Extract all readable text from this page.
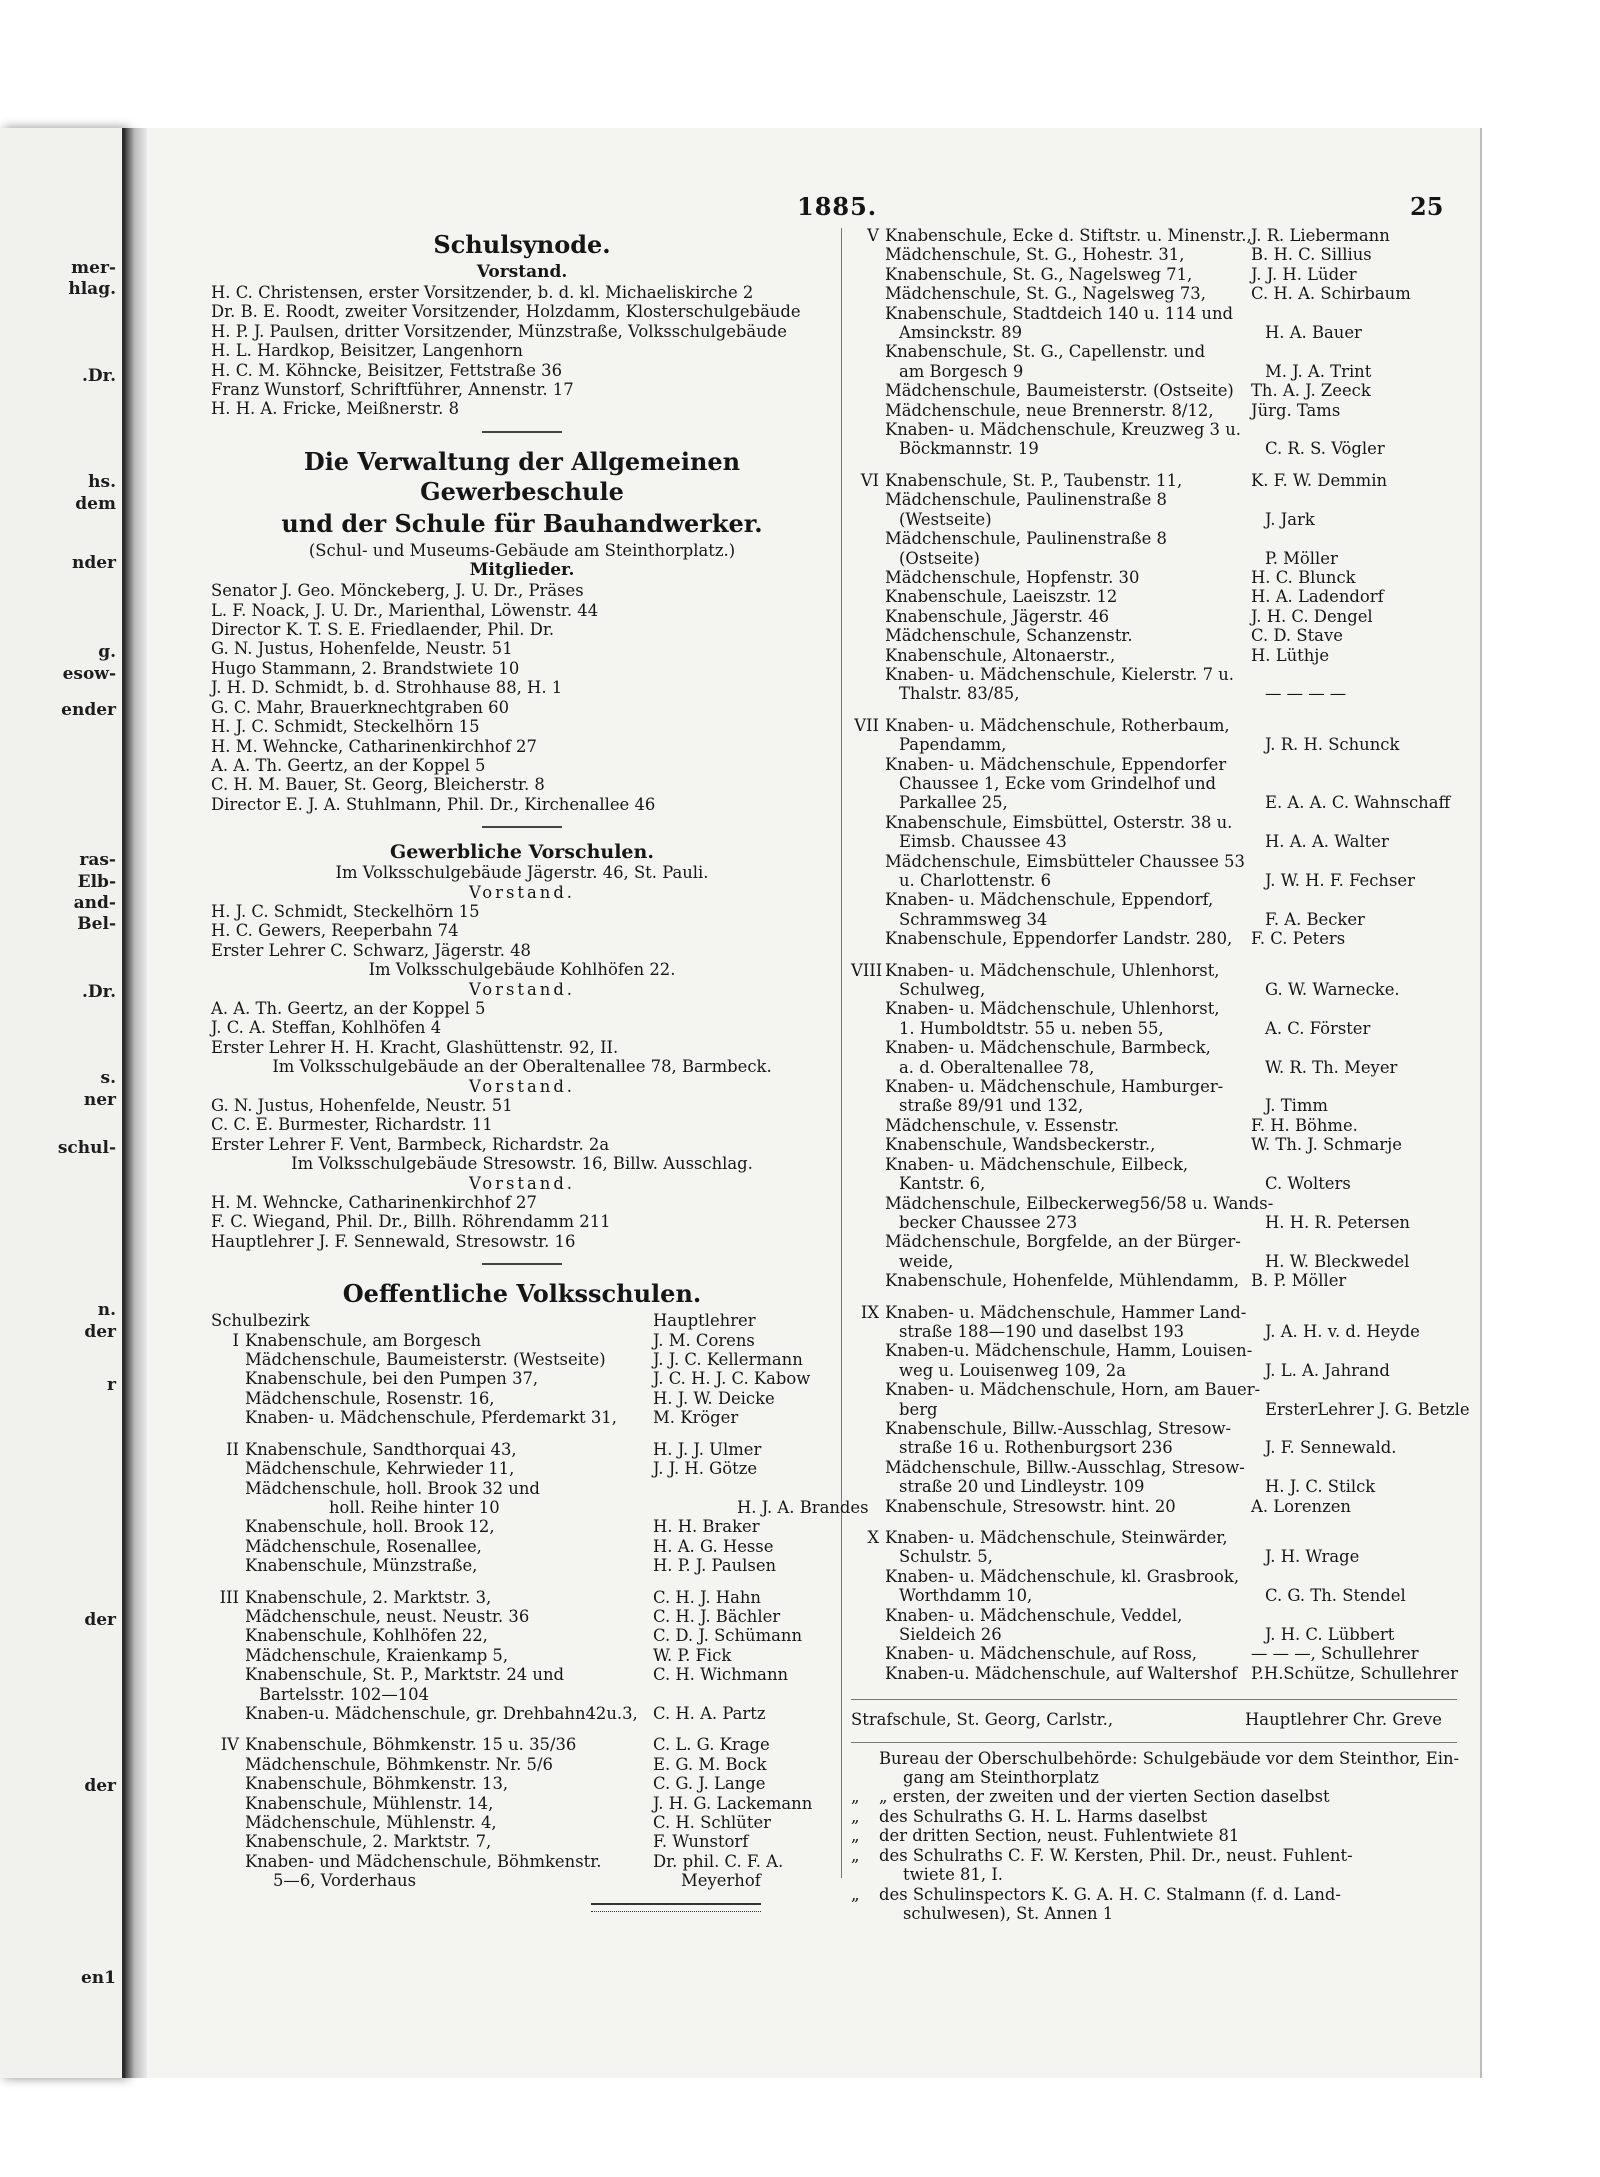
mer-
hlag.
.Dr.
hs.
dem
nder
g.
esow-
ender
ras-
Elb-
and-
Bel-
.Dr.
s.
ner
schul-
n.
der
r
der
der
en1
1885.	25
Schulsynode.
Vorstand.
H. C. Christensen, erster Vorsitzender, b. d. kl. Michaeliskirche 2
Dr. B. E. Roodt, zweiter Vorsitzender, Holzdamm, Klosterschulgebäude
H. P. J. Paulsen, dritter Vorsitzender, Münzstraße, Volksschulgebäude
H. L. Hardkop, Beisitzer, Langenhorn
H. C. M. Köhncke, Beisitzer, Fettstraße 36
Franz Wunstorf, Schriftführer, Annenstr. 17
H. H. A. Fricke, Meißnerstr. 8
Die Verwaltung der Allgemeinen Gewerbeschule
und der Schule für Bauhandwerker.
(Schul- und Museums-Gebäude am Steinthorplatz.)
Mitglieder.
Senator J. Geo. Mönckeberg, J. U. Dr., Präses
L. F. Noack, J. U. Dr., Marienthal, Löwenstr. 44
Director K. T. S. E. Friedlaender, Phil. Dr.
G. N. Justus, Hohenfelde, Neustr. 51
Hugo Stammann, 2. Brandstwiete 10
J. H. D. Schmidt, b. d. Strohhause 88, H. 1
G. C. Mahr, Brauerknechtgraben 60
H. J. C. Schmidt, Steckelhörn 15
H. M. Wehncke, Catharinenkirchhof 27
A. A. Th. Geertz, an der Koppel 5
C. H. M. Bauer, St. Georg, Bleicherstr. 8
Director E. J. A. Stuhlmann, Phil. Dr., Kirchenallee 46
Gewerbliche Vorschulen.
Im Volksschulgebäude Jägerstr. 46, St. Pauli.
Vorstand.
H. J. C. Schmidt, Steckelhörn 15
H. C. Gewers, Reeperbahn 74
Erster Lehrer C. Schwarz, Jägerstr. 48
Im Volksschulgebäude Kohlhöfen 22.
Vorstand.
A. A. Th. Geertz, an der Koppel 5
J. C. A. Steffan, Kohlhöfen 4
Erster Lehrer H. H. Kracht, Glashüttenstr. 92, II.
Im Volksschulgebäude an der Oberaltenallee 78, Barmbeck.
Vorstand.
G. N. Justus, Hohenfelde, Neustr. 51
C. C. E. Burmester, Richardstr. 11
Erster Lehrer F. Vent, Barmbeck, Richardstr. 2a
Im Volksschulgebäude Stresowstr. 16, Billw. Ausschlag.
Vorstand.
H. M. Wehncke, Catharinenkirchhof 27
F. C. Wiegand, Phil. Dr., Billh. Röhrendamm 211
Hauptlehrer J. F. Sennewald, Stresowstr. 16
Oeffentliche Volksschulen.
Schulbezirk	Hauptlehrer
I Knabenschule, am Borgesch	J. M. Corens
Mädchenschule, Baumeisterstr. (Westseite)	J. J. C. Kellermann
Knabenschule, bei den Pumpen 37,	J. C. H. J. C. Kabow
Mädchenschule, Rosenstr. 16,	H. J. W. Deicke
Knaben- u. Mädchenschule, Pferdemarkt 31,	M. Kröger
II Knabenschule, Sandthorquai 43,	H. J. J. Ulmer
Mädchenschule, Kehrwieder 11,	J. J. H. Götze
Mädchenschule, holl. Brook 32 und
holl. Reihe hinter 10	H. J. A. Brandes
Knabenschule, holl. Brook 12,	H. H. Braker
Mädchenschule, Rosenallee,	H. A. G. Hesse
Knabenschule, Münzstraße,	H. P. J. Paulsen
III Knabenschule, 2. Marktstr. 3,	C. H. J. Hahn
Mädchenschule, neust. Neustr. 36	C. H. J. Bächler
Knabenschule, Kohlhöfen 22,	C. D. J. Schümann
Mädchenschule, Kraienkamp 5,	W. P. Fick
Knabenschule, St. P., Marktstr. 24 und	C. H. Wichmann
Bartelsstr. 102—104
Knaben-u. Mädchenschule, gr. Drehbahn42u.3, C. H. A. Partz
IV Knabenschule, Böhmkenstr. 15 u. 35/36	C. L. G. Krage
Mädchenschule, Böhmkenstr. Nr. 5/6	E. G. M. Bock
Knabenschule, Böhmkenstr. 13,	C. G. J. Lange
Knabenschule, Mühlenstr. 14,	J. H. G. Lackemann
Mädchenschule, Mühlenstr. 4,	C. H. Schlüter
Knabenschule, 2. Marktstr. 7,	F. Wunstorf
Knaben- und Mädchenschule, Böhmkenstr.	Dr. phil. C. F. A.
5—6, Vorderhaus	Meyerhof
V Knabenschule, Ecke d. Stiftstr. u. Minenstr., J. R. Liebermann
Mädchenschule, St. G., Hohestr. 31,	B. H. C. Sillius
Knabenschule, St. G., Nagelsweg 71,	J. J. H. Lüder
Mädchenschule, St. G., Nagelsweg 73,	C. H. A. Schirbaum
Knabenschule, Stadtdeich 140 u. 114 und
Amsinckstr. 89	H. A. Bauer
Knabenschule, St. G., Capellenstr. und
am Borgesch 9	M. J. A. Trint
Mädchenschule, Baumeisterstr. (Ostseite)	Th. A. J. Zeeck
Mädchenschule, neue Brennerstr. 8/12,	Jürg. Tams
Knaben- u. Mädchenschule, Kreuzweg 3 u.
Böckmannstr. 19	C. R. S. Vögler
VI Knabenschule, St. P., Taubenstr. 11,	K. F. W. Demmin
Mädchenschule, Paulinenstraße 8
(Westseite)	J. Jark
Mädchenschule, Paulinenstraße 8
(Ostseite)	P. Möller
Mädchenschule, Hopfenstr. 30	H. C. Blunck
Knabenschule, Laeiszstr. 12	H. A. Ladendorf
Knabenschule, Jägerstr. 46	J. H. C. Dengel
Mädchenschule, Schanzenstr.	C. D. Stave
Knabenschule, Altonaerstr.,	H. Lüthje
Knaben- u. Mädchenschule, Kielerstr. 7 u.
Thalstr. 83/85,	— — — —
VII Knaben- u. Mädchenschule, Rotherbaum,
Papendamm,	J. R. H. Schunck
Knaben- u. Mädchenschule, Eppendorfer
Chaussee 1, Ecke vom Grindelhof und
Parkallee 25,	E. A. A. C. Wahnschaff
Knabenschule, Eimsbüttel, Osterstr. 38 u.
Eimsb. Chaussee 43	H. A. A. Walter
Mädchenschule, Eimsbütteler Chaussee 53
u. Charlottenstr. 6	J. W. H. F. Fechser
Knaben- u. Mädchenschule, Eppendorf,
Schrammsweg 34	F. A. Becker
Knabenschule, Eppendorfer Landstr. 280,	F. C. Peters
VIII Knaben- u. Mädchenschule, Uhlenhorst,
Schulweg,	G. W. Warnecke.
Knaben- u. Mädchenschule, Uhlenhorst,
1. Humboldtstr. 55 u. neben 55,	A. C. Förster
Knaben- u. Mädchenschule, Barmbeck,
a. d. Oberaltenallee 78,	W. R. Th. Meyer
Knaben- u. Mädchenschule, Hamburger-
straße 89/91 und 132,	J. Timm
Mädchenschule, v. Essenstr.	F. H. Böhme.
Knabenschule, Wandsbeckerstr.,	W. Th. J. Schmarje
Knaben- u. Mädchenschule, Eilbeck,
Kantstr. 6,	C. Wolters
Mädchenschule, Eilbeckerweg56/58 u. Wands-
becker Chaussee 273	H. H. R. Petersen
Mädchenschule, Borgfelde, an der Bürger-
weide,	H. W. Bleckwedel
Knabenschule, Hohenfelde, Mühlendamm, B. P. Möller
IX Knaben- u. Mädchenschule, Hammer Land-
straße 188—190 und daselbst 193	J. A. H. v. d. Heyde
Knaben-u. Mädchenschule, Hamm, Louisen-
weg u. Louisenweg 109, 2a	J. L. A. Jahrand
Knaben- u. Mädchenschule, Horn, am Bauer-
berg	ErsterLehrer J. G. Betzle
Knabenschule, Billw.-Ausschlag, Stresow-
straße 16 u. Rothenburgsort 236	J. F. Sennewald.
Mädchenschule, Billw.-Ausschlag, Stresow-
straße 20 und Lindleystr. 109	H. J. C. Stilck
Knabenschule, Stresowstr. hint. 20	A. Lorenzen
X Knaben- u. Mädchenschule, Steinwärder,
Schulstr. 5,	J. H. Wrage
Knaben- u. Mädchenschule, kl. Grasbrook,
Worthdamm 10,	C. G. Th. Stendel
Knaben- u. Mädchenschule, Veddel,
Sieldeich 26	J. H. C. Lübbert
Knaben- u. Mädchenschule, auf Ross,	— — —, Schullehrer
Knaben-u. Mädchenschule, auf Waltershof P.H.Schütze, Schullehrer
Strafschule, St. Georg, Carlstr.,	Hauptlehrer Chr. Greve
Bureau der Oberschulbehörde: Schulgebäude vor dem Steinthor, Ein-
gang am Steinthorplatz
„	„ ersten, der zweiten und der vierten Section daselbst
„	des Schulraths G. H. L. Harms daselbst
„	der dritten Section, neust. Fuhlentwiete 81
„	des Schulraths C. F. W. Kersten, Phil. Dr., neust. Fuhlent-
twiete 81, I.
„	des Schulinspectors K. G. A. H. C. Stalmann (f. d. Land-
schulwesen), St. Annen 1
